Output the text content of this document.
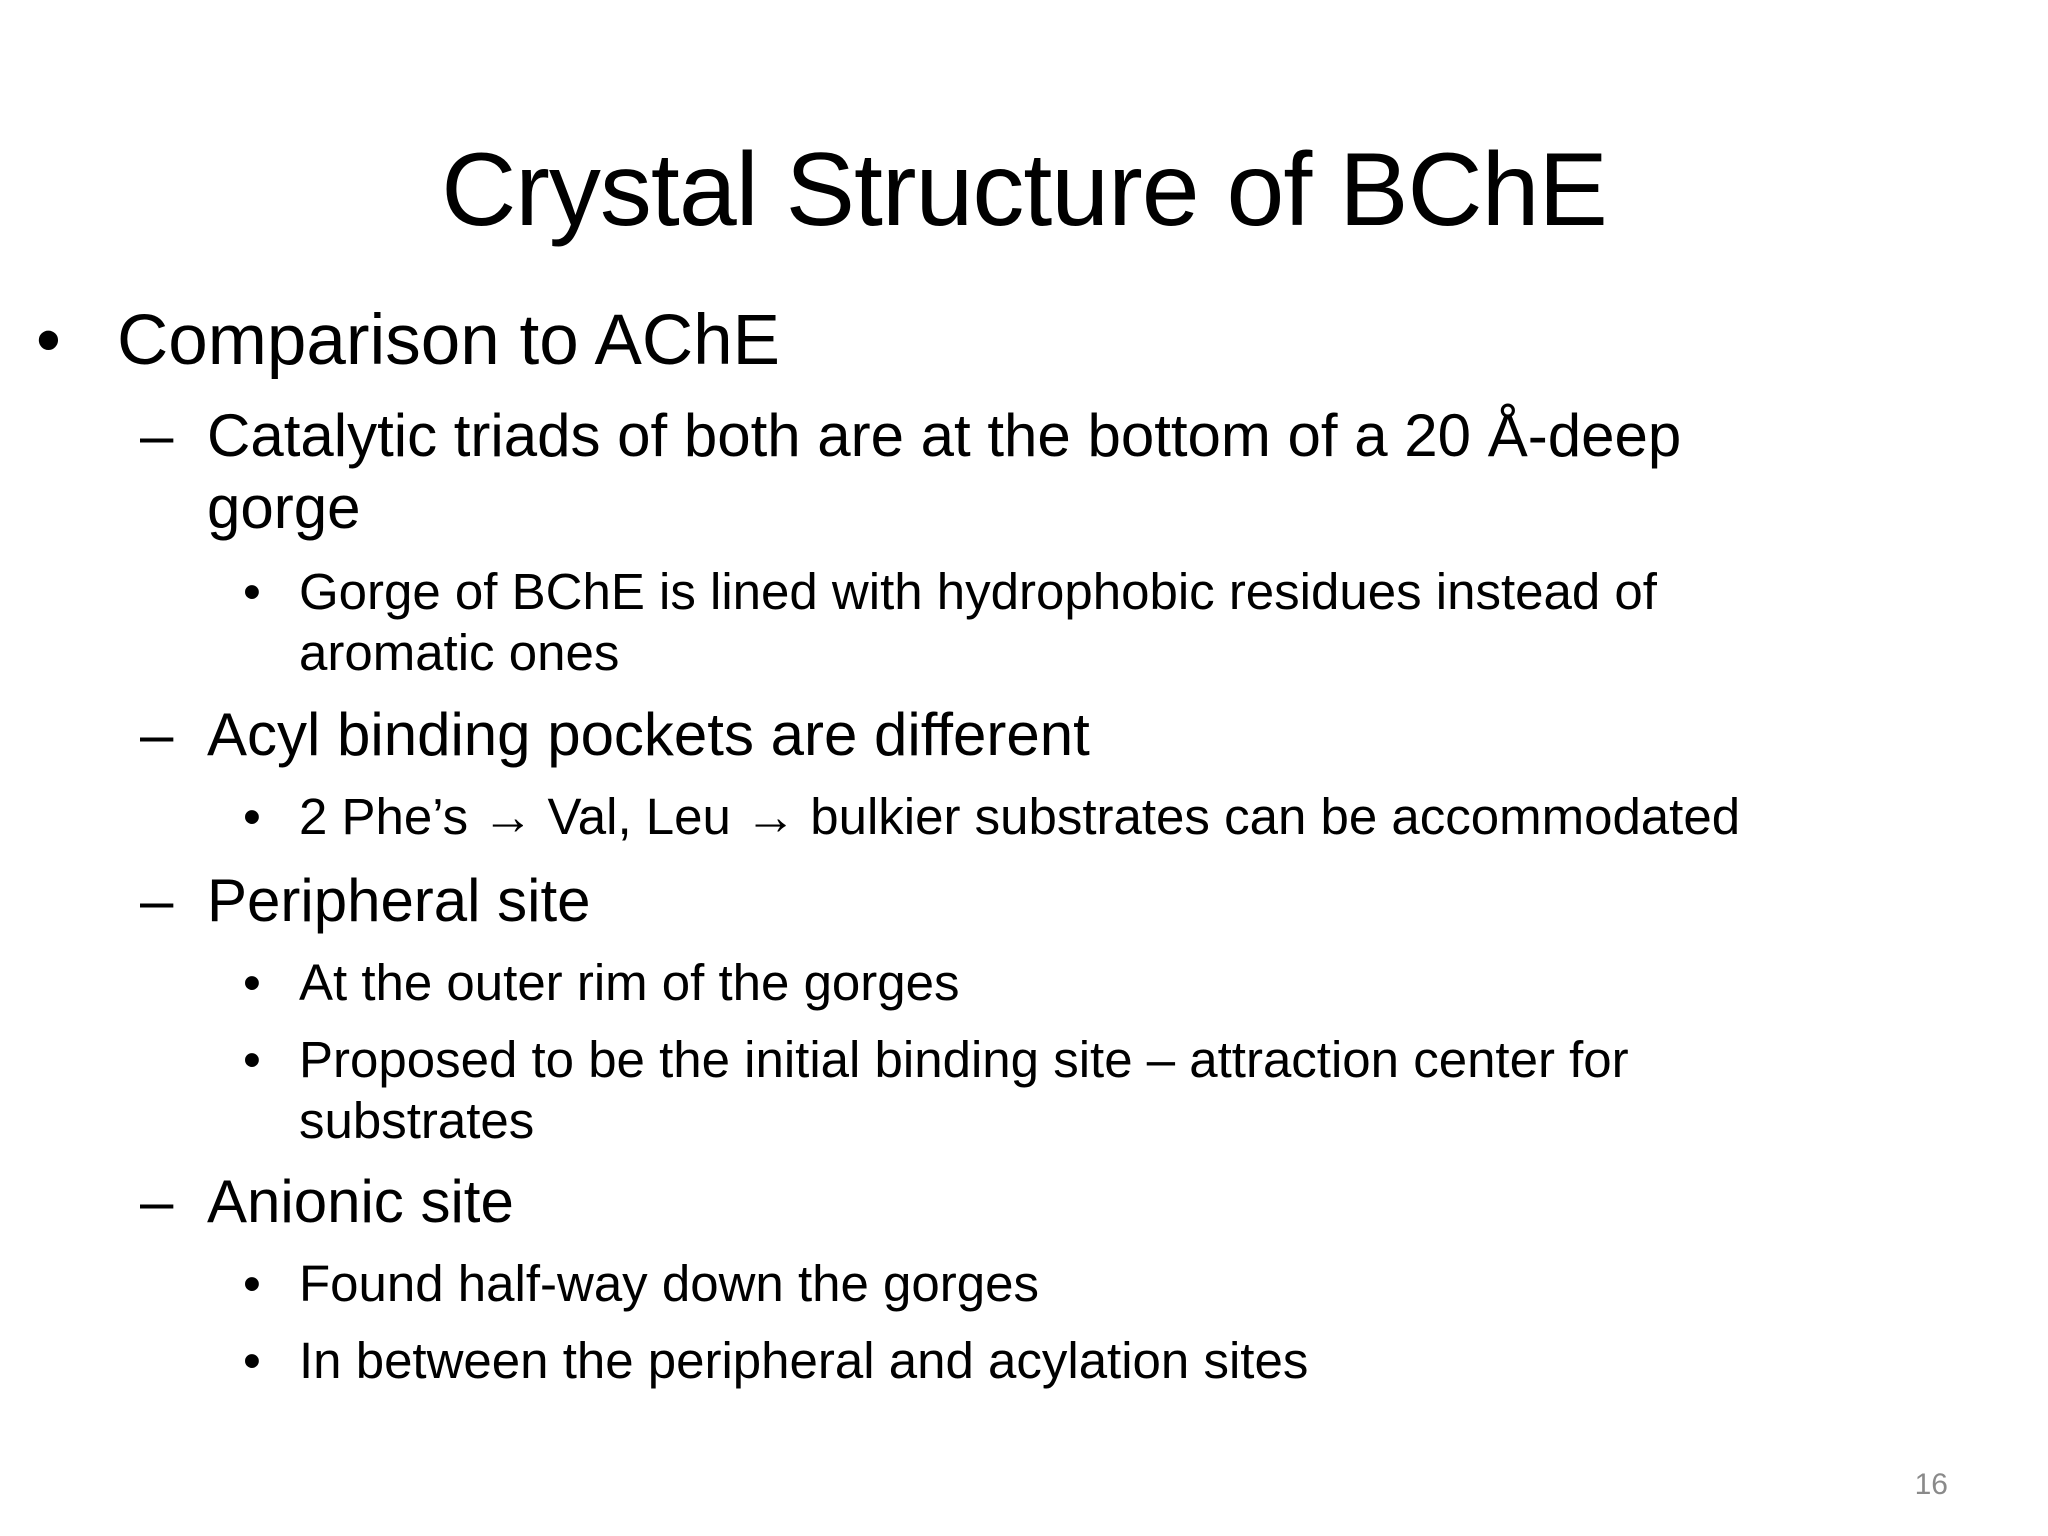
Crystal Structure of BChE
• Comparison to AChE
– Catalytic triads of both are at the bottom of a 20 Å-deep
gorge
• Gorge of BChE is lined with hydrophobic residues instead of
aromatic ones
– Acyl binding pockets are different
• 2 Phe’s → Val, Leu → bulkier substrates can be accommodated
– Peripheral site
• At the outer rim of the gorges
• Proposed to be the initial binding site – attraction center for
substrates
– Anionic site
• Found half-way down the gorges
• In between the peripheral and acylation sites
16
